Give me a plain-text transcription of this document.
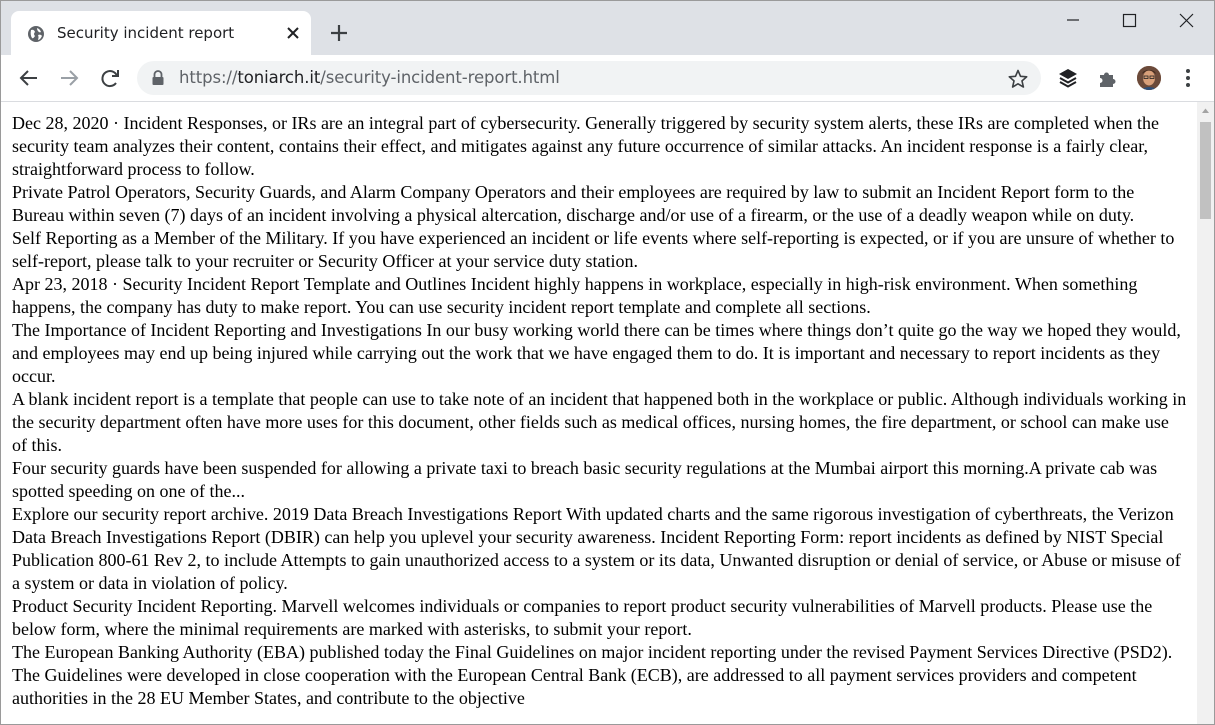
Security incident report
https://toniarch.it/security-incident-report.html

Dec 28, 2020 · Incident Responses, or IRs are an integral part of cybersecurity. Generally triggered by security system alerts, these IRs are completed when the security team analyzes their content, contains their effect, and mitigates against any future occurrence of similar attacks. An incident response is a fairly clear, straightforward process to follow.

Private Patrol Operators, Security Guards, and Alarm Company Operators and their employees are required by law to submit an Incident Report form to the Bureau within seven (7) days of an incident involving a physical altercation, discharge and/or use of a firearm, or the use of a deadly weapon while on duty.

Self Reporting as a Member of the Military. If you have experienced an incident or life events where self-reporting is expected, or if you are unsure of whether to self-report, please talk to your recruiter or Security Officer at your service duty station.

Apr 23, 2018 · Security Incident Report Template and Outlines Incident highly happens in workplace, especially in high-risk environment. When something happens, the company has duty to make report. You can use security incident report template and complete all sections.

The Importance of Incident Reporting and Investigations In our busy working world there can be times where things don’t quite go the way we hoped they would, and employees may end up being injured while carrying out the work that we have engaged them to do. It is important and necessary to report incidents as they occur.

A blank incident report is a template that people can use to take note of an incident that happened both in the workplace or public. Although individuals working in the security department often have more uses for this document, other fields such as medical offices, nursing homes, the fire department, or school can make use of this.

Four security guards have been suspended for allowing a private taxi to breach basic security regulations at the Mumbai airport this morning.A private cab was spotted speeding on one of the...

Explore our security report archive. 2019 Data Breach Investigations Report With updated charts and the same rigorous investigation of cyberthreats, the Verizon Data Breach Investigations Report (DBIR) can help you uplevel your security awareness. Incident Reporting Form: report incidents as defined by NIST Special Publication 800-61 Rev 2, to include Attempts to gain unauthorized access to a system or its data, Unwanted disruption or denial of service, or Abuse or misuse of a system or data in violation of policy.

Product Security Incident Reporting. Marvell welcomes individuals or companies to report product security vulnerabilities of Marvell products. Please use the below form, where the minimal requirements are marked with asterisks, to submit your report.

The European Banking Authority (EBA) published today the Final Guidelines on major incident reporting under the revised Payment Services Directive (PSD2). The Guidelines were developed in close cooperation with the European Central Bank (ECB), are addressed to all payment services providers and competent authorities in the 28 EU Member States, and contribute to the objective
